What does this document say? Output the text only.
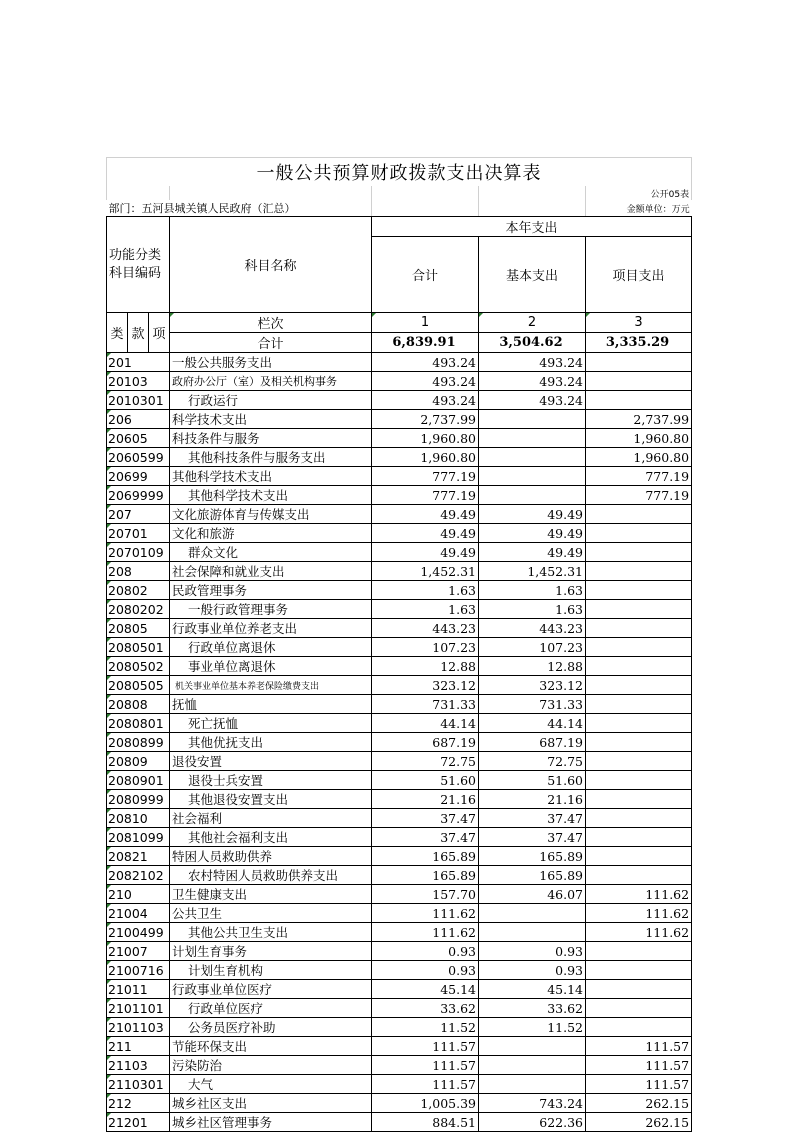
一般公共预算财政拨款支出决算表						
						公开05表
部门：五河县城关镇人民政府（汇总）						金额单位：万元
功能分类科目编码			科目名称	本年支出		
				合计	基本支出	项目支出
类	款	项	栏次	1	2	3
			合计	6,839.91	3,504.62	3,335.29
201			一般公共服务支出	493.24	493.24	
20103			政府办公厅（室）及相关机构事务	493.24	493.24	
2010301			行政运行	493.24	493.24	
206			科学技术支出	2,737.99		2,737.99
20605			科技条件与服务	1,960.80		1,960.80
2060599			其他科技条件与服务支出	1,960.80		1,960.80
20699			其他科学技术支出	777.19		777.19
2069999			其他科学技术支出	777.19		777.19
207			文化旅游体育与传媒支出	49.49	49.49	
20701			文化和旅游	49.49	49.49	
2070109			群众文化	49.49	49.49	
208			社会保障和就业支出	1,452.31	1,452.31	
20802			民政管理事务	1.63	1.63	
2080202			一般行政管理事务	1.63	1.63	
20805			行政事业单位养老支出	443.23	443.23	
2080501			行政单位离退休	107.23	107.23	
2080502			事业单位离退休	12.88	12.88	
2080505			机关事业单位基本养老保险缴费支出	323.12	323.12	
20808			抚恤	731.33	731.33	
2080801			死亡抚恤	44.14	44.14	
2080899			其他优抚支出	687.19	687.19	
20809			退役安置	72.75	72.75	
2080901			退役士兵安置	51.60	51.60	
2080999			其他退役安置支出	21.16	21.16	
20810			社会福利	37.47	37.47	
2081099			其他社会福利支出	37.47	37.47	
20821			特困人员救助供养	165.89	165.89	
2082102			农村特困人员救助供养支出	165.89	165.89	
210			卫生健康支出	157.70	46.07	111.62
21004			公共卫生	111.62		111.62
2100499			其他公共卫生支出	111.62		111.62
21007			计划生育事务	0.93	0.93	
2100716			计划生育机构	0.93	0.93	
21011			行政事业单位医疗	45.14	45.14	
2101101			行政单位医疗	33.62	33.62	
2101103			公务员医疗补助	11.52	11.52	
211			节能环保支出	111.57		111.57
21103			污染防治	111.57		111.57
2110301			大气	111.57		111.57
212			城乡社区支出	1,005.39	743.24	262.15
21201			城乡社区管理事务	884.51	622.36	262.15
